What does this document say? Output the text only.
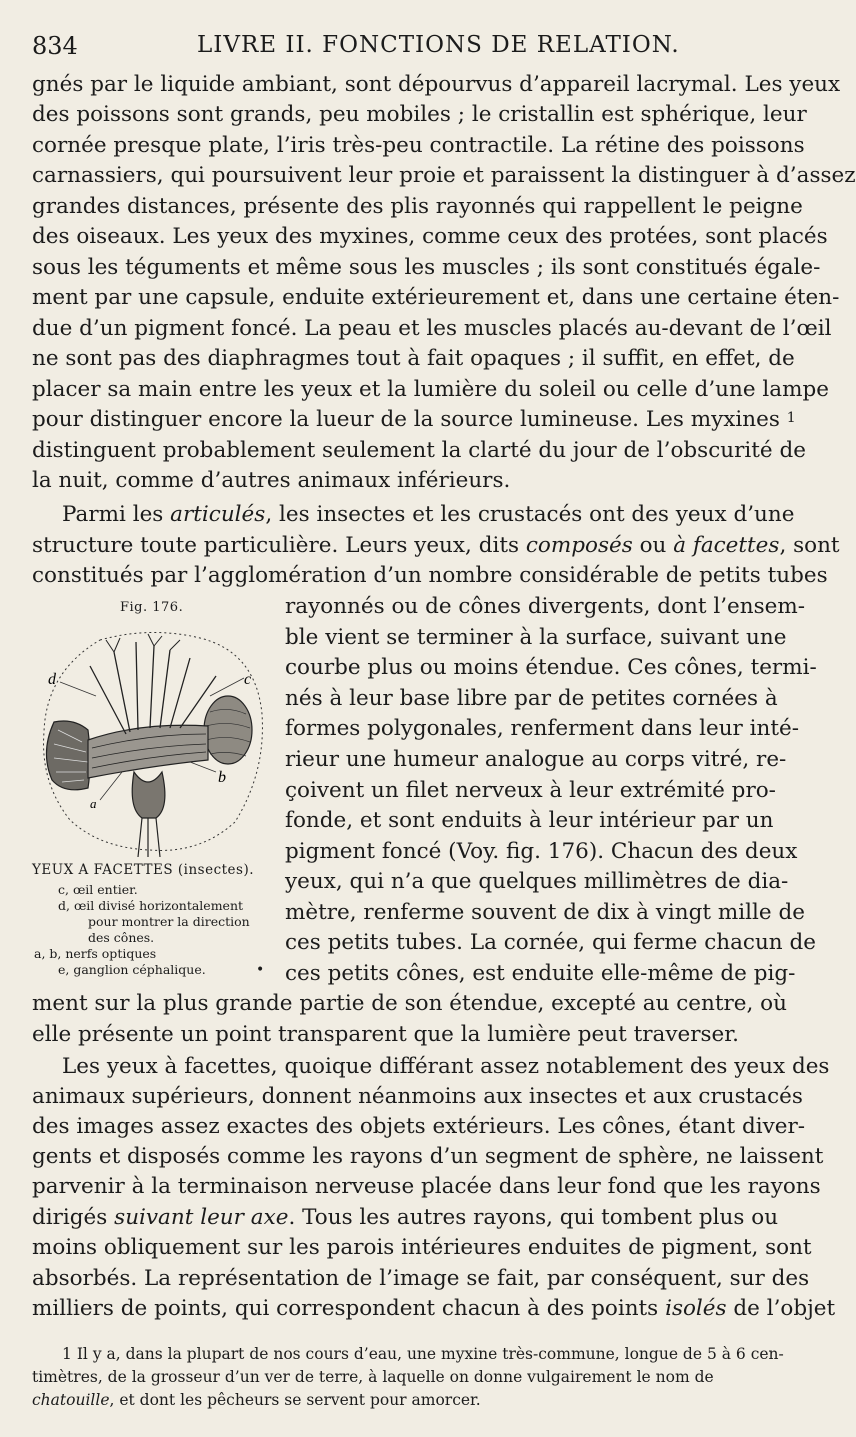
834	LIVRE II. FONCTIONS DE RELATION.
gnés par le liquide ambiant, sont dépourvus d’appareil lacrymal. Les yeux
des poissons sont grands, peu mobiles ; le cristallin est sphérique, leur
cornée presque plate, l’iris très-peu contractile. La rétine des poissons
carnassiers, qui poursuivent leur proie et paraissent la distinguer à d’assez
grandes distances, présente des plis rayonnés qui rappellent le peigne
des oiseaux. Les yeux des myxines, comme ceux des protées, sont placés
sous les téguments et même sous les muscles ; ils sont constitués égale-
ment par une capsule, enduite extérieurement et, dans une certaine éten-
due d’un pigment foncé. La peau et les muscles placés au-devant de l’œil
ne sont pas des diaphragmes tout à fait opaques ; il suffit, en effet, de
placer sa main entre les yeux et la lumière du soleil ou celle d’une lampe
pour distinguer encore la lueur de la source lumineuse. Les myxines $^1$
distinguent probablement seulement la clarté du jour de l’obscurité de
la nuit, comme d’autres animaux inférieurs.
Parmi les articulés, les insectes et les crustacés ont des yeux d’une
structure toute particulière. Leurs yeux, dits composés ou à facettes, sont
constitués par l’agglomération d’un nombre considérable de petits tubes
rayonnés ou de cônes divergents, dont l’ensem-
ble vient se terminer à la surface, suivant une
courbe plus ou moins étendue. Ces cônes, termi-
nés à leur base libre par de petites cornées à
formes polygonales, renferment dans leur inté-
rieur une humeur analogue au corps vitré, re-
çoivent un filet nerveux à leur extrémité pro-
fonde, et sont enduits à leur intérieur par un
pigment foncé (Voy. fig. 176). Chacun des deux
yeux, qui n’a que quelques millimètres de dia-
mètre, renferme souvent de dix à vingt mille de
ces petits tubes. La cornée, qui ferme chacun de
ces petits cônes, est enduite elle-même de pig-
ment sur la plus grande partie de son étendue, excepté au centre, où
elle présente un point transparent que la lumière peut traverser.
Les yeux à facettes, quoique différant assez notablement des yeux des
animaux supérieurs, donnent néanmoins aux insectes et aux crustacés
des images assez exactes des objets extérieurs. Les cônes, étant diver-
gents et disposés comme les rayons d’un segment de sphère, ne laissent
parvenir à la terminaison nerveuse placée dans leur fond que les rayons
dirigés suivant leur axe. Tous les autres rayons, qui tombent plus ou
moins obliquement sur les parois intérieures enduites de pigment, sont
absorbés. La représentation de l’image se fait, par conséquent, sur des
milliers de points, qui correspondent chacun à des points isolés de l’objet
Fig. 176.
d	c
b
a
YEUX A FACETTES (insectes).
c, œil entier.
d, œil divisé horizontalement
pour montrer la direction
des cônes.
a, b, nerfs optiques
e, ganglion céphalique.	•
1 Il y a, dans la plupart de nos cours d’eau, une myxine très-commune, longue de 5 à 6 cen-
timètres, de la grosseur d’un ver de terre, à laquelle on donne vulgairement le nom de
chatouille, et dont les pêcheurs se servent pour amorcer.
